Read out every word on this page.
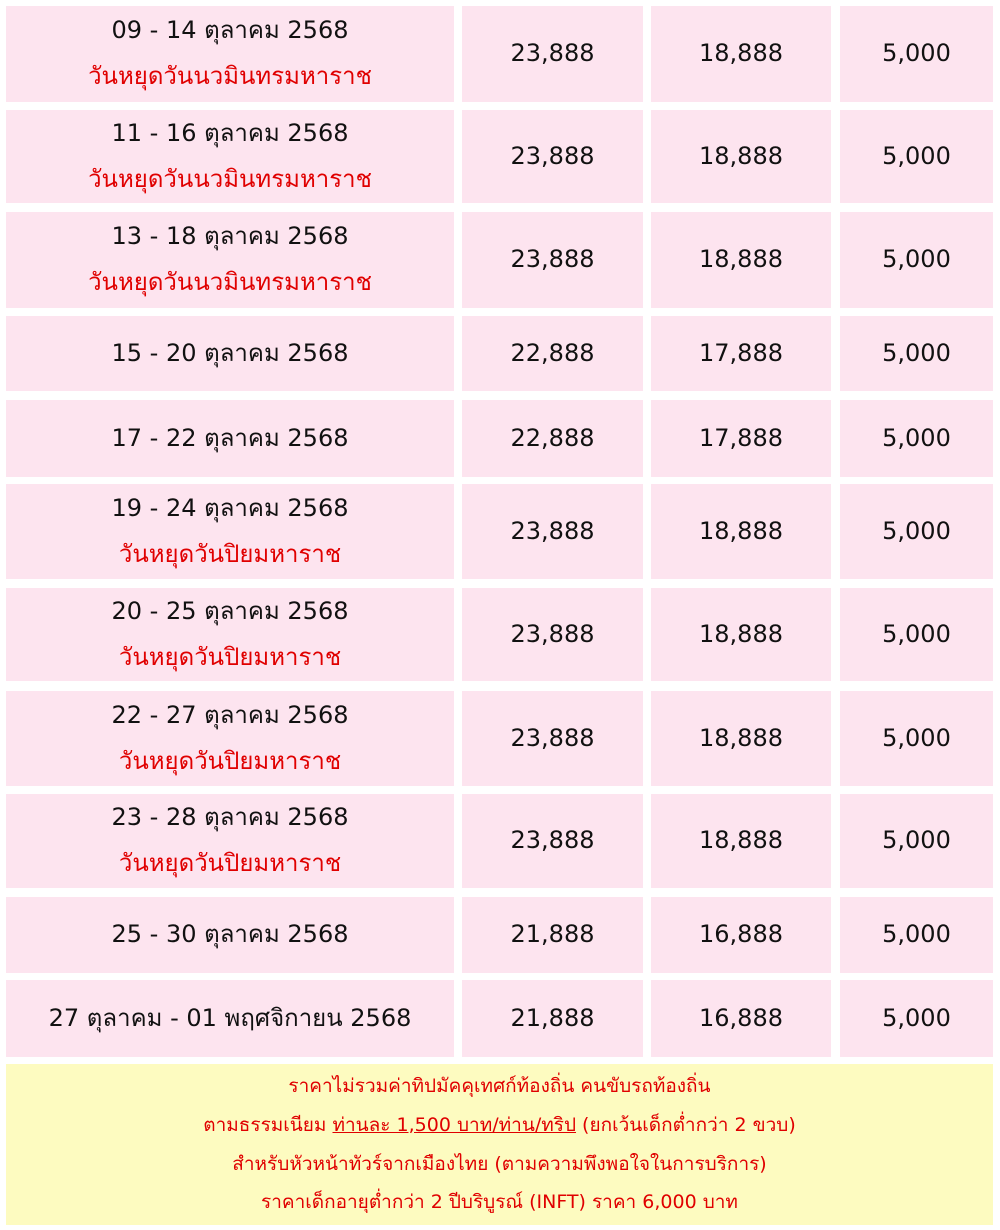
09 - 14 ตุลาคม 2568
วันหยุดวันนวมินทรมหาราช
23,888	18,888	5,000
11 - 16 ตุลาคม 2568
วันหยุดวันนวมินทรมหาราช
23,888	18,888	5,000
13 - 18 ตุลาคม 2568
วันหยุดวันนวมินทรมหาราช
23,888	18,888	5,000
15 - 20 ตุลาคม 2568	22,888	17,888	5,000
17 - 22 ตุลาคม 2568	22,888	17,888	5,000
19 - 24 ตุลาคม 2568
วันหยุดวันปิยมหาราช
23,888	18,888	5,000
20 - 25 ตุลาคม 2568
วันหยุดวันปิยมหาราช
23,888	18,888	5,000
22 - 27 ตุลาคม 2568
วันหยุดวันปิยมหาราช
23,888	18,888	5,000
23 - 28 ตุลาคม 2568
วันหยุดวันปิยมหาราช
23,888	18,888	5,000
25 - 30 ตุลาคม 2568	21,888	16,888	5,000
27 ตุลาคม - 01 พฤศจิกายน 2568	21,888	16,888	5,000
ราคาไม่รวมค่าทิปมัคคุเทศก์ท้องถิ่น คนขับรถท้องถิ่น
ตามธรรมเนียม ท่านละ 1,500 บาท/ท่าน/ทริป (ยกเว้นเด็กต่ำกว่า 2 ขวบ)
สำหรับหัวหน้าทัวร์จากเมืองไทย (ตามความพึงพอใจในการบริการ)
ราคาเด็กอายุต่ำกว่า 2 ปีบริบูรณ์ (INFT) ราคา 6,000 บาท
